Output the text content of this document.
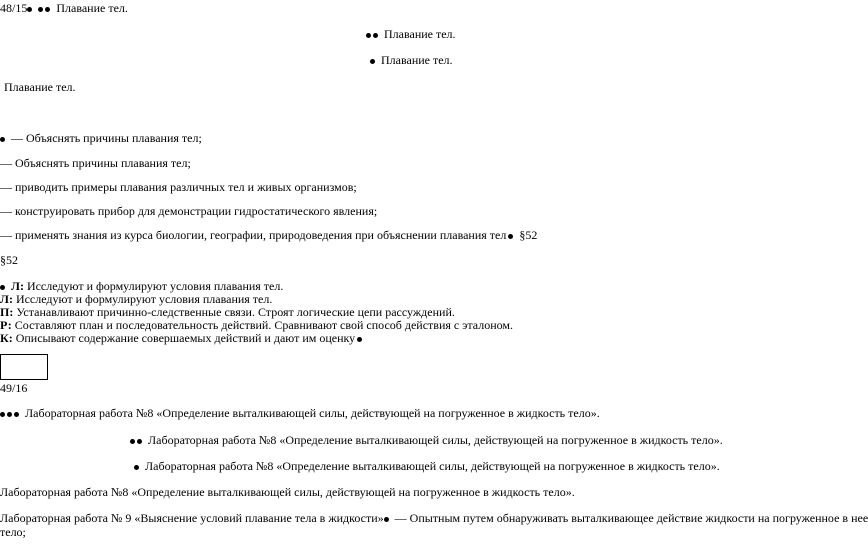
48/15 Плавание тел.
Плавание тел.
Плавание тел.
Плавание тел.
— Объяснять причины плавания тел;
— Объяснять причины плавания тел;
— приводить примеры плавания различных тел и живых организмов;
— конструировать прибор для демонстрации гидростатического явления;
— применять знания из курса биологии, географии, природоведения при объяснении плавания тел §52
§52
Л: Исследуют и формулируют условия плавания тел.
Л: Исследуют и формулируют условия плавания тел.
П: Устанавливают причинно-следственные связи. Строят логические цепи рассуждений.
Р: Составляют план и последовательность действий. Сравнивают свой способ действия с эталоном.
К: Описывают содержание совершаемых действий и дают им оценку
49/16
Лабораторная работа №8 «Определение выталкивающей силы, действующей на погруженное в жидкость тело».
Лабораторная работа №8 «Определение выталкивающей силы, действующей на погруженное в жидкость тело».
Лабораторная работа №8 «Определение выталкивающей силы, действующей на погруженное в жидкость тело».
Лабораторная работа №8 «Определение выталкивающей силы, действующей на погруженное в жидкость тело».
Лабораторная работа № 9 «Выяснение условий плавание тела в жидкости» — Опытным путем обнаруживать выталкивающее действие жидкости на погруженное в нее
тело;
